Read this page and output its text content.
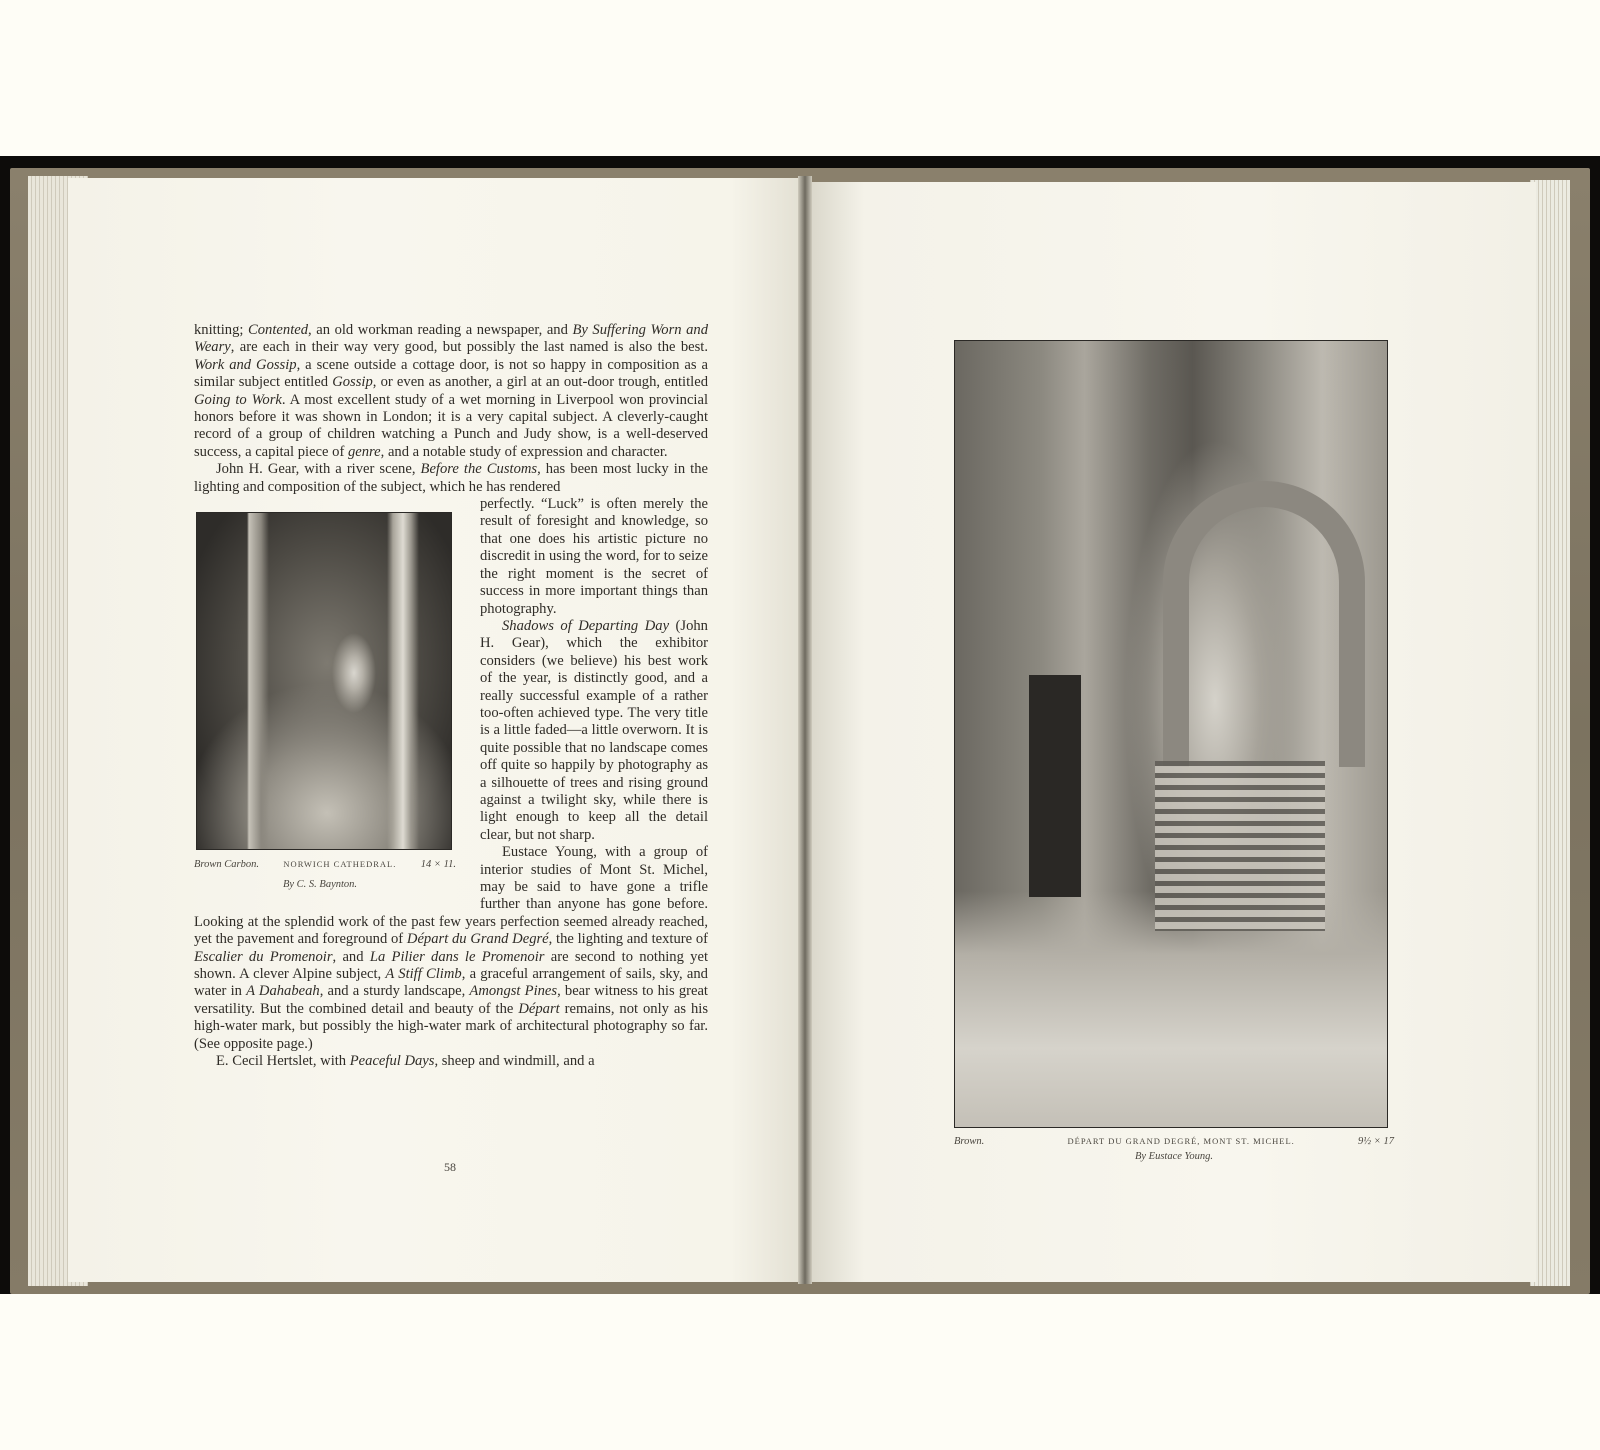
knitting; Contented, an old workman reading a newspaper, and By Suffering Worn and Weary, are each in their way very good, but possibly the last named is also the best. Work and Gossip, a scene outside a cottage door, is not so happy in composition as a similar subject entitled Gossip, or even as another, a girl at an out-door trough, entitled Going to Work. A most excellent study of a wet morning in Liverpool won provincial honors before it was shown in London; it is a very capital subject. A cleverly-caught record of a group of children watching a Punch and Judy show, is a well-deserved success, a capital piece of genre, and a notable study of expression and character.

John H. Gear, with a river scene, Before the Customs, has been most lucky in the lighting and composition of the subject, which he has rendered

Brown Carbon.	NORWICH CATHEDRAL. 14 × 11.
By C. S. Baynton.

perfectly. “Luck” is often merely the result of foresight and knowledge, so that one does his artistic picture no discredit in using the word, for to seize the right moment is the secret of success in more important things than photography.

Shadows of Departing Day (John H. Gear), which the exhibitor considers (we believe) his best work of the year, is distinctly good, and a really successful example of a rather too-often achieved type. The very title is a little faded—a little overworn. It is quite possible that no landscape comes off quite so happily by photography as a silhouette of trees and rising ground against a twilight sky, while there is light enough to keep all the detail clear, but not sharp.

Eustace Young, with a group of interior studies of Mont St. Michel, may be said to have gone a trifle further than anyone has gone before. Looking at the splendid work of the past few years perfection seemed already reached, yet the pavement and foreground of Départ du Grand Degré, the lighting and texture of Escalier du Promenoir, and La Pilier dans le Promenoir are second to nothing yet shown. A clever Alpine subject, A Stiff Climb, a graceful arrangement of sails, sky, and water in A Dahabeah, and a sturdy landscape, Amongst Pines, bear witness to his great versatility. But the combined detail and beauty of the Départ remains, not only as his high-water mark, but possibly the high-water mark of architectural photography so far. (See opposite page.)

E. Cecil Hertslet, with Peaceful Days, sheep and windmill, and a

58
Brown.	DÉPART DU GRAND DEGRÉ, MONT ST. MICHEL.	9½ × 17
By Eustace Young.
